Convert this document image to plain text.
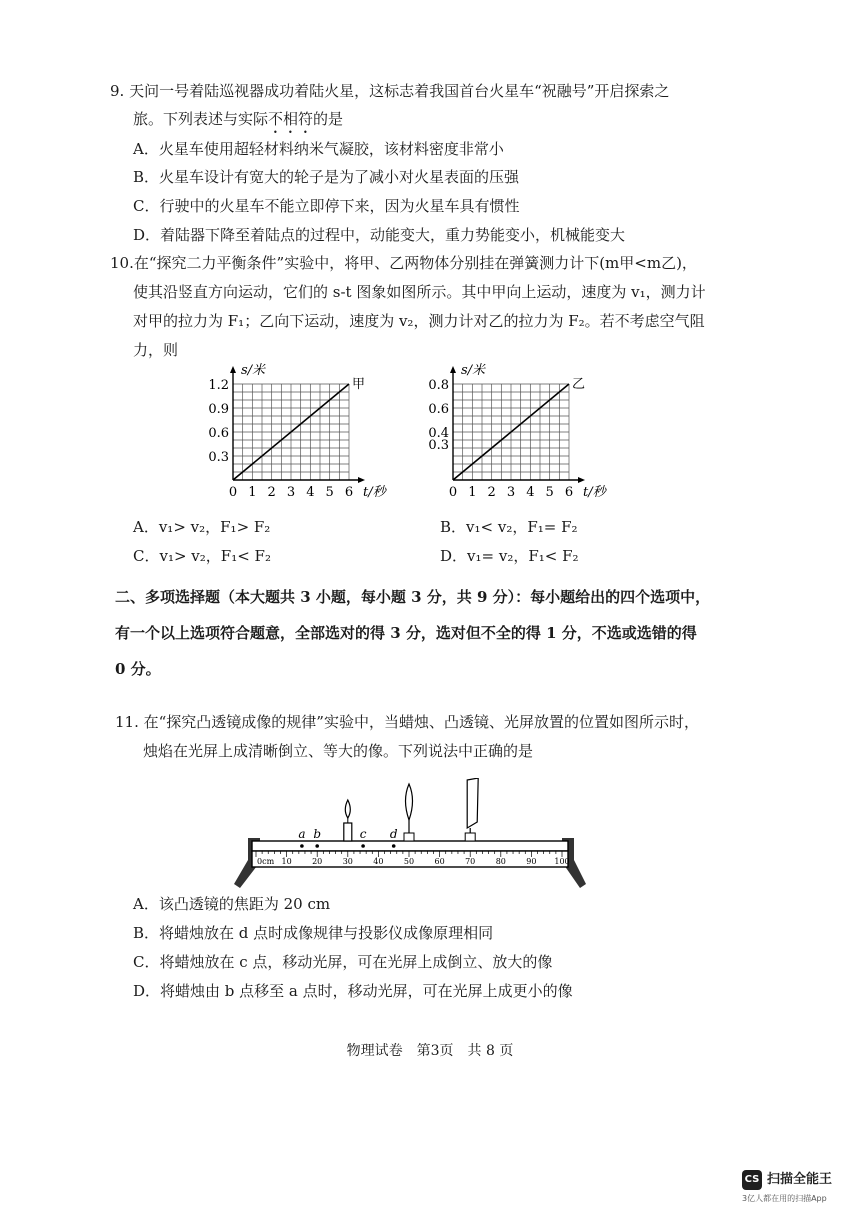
9. 天问一号着陆巡视器成功着陆火星，这标志着我国首台火星车“祝融号”开启探索之
旅。下列表述与实际不相符的是
A．火星车使用超轻材料纳米气凝胶，该材料密度非常小
B．火星车设计有宽大的轮子是为了减小对火星表面的压强
C．行驶中的火星车不能立即停下来，因为火星车具有惯性
D．着陆器下降至着陆点的过程中，动能变大，重力势能变小，机械能变大
10.在“探究二力平衡条件”实验中，将甲、乙两物体分别挂在弹簧测力计下(m甲<m乙)，
使其沿竖直方向运动，它们的 s-t 图象如图所示。其中甲向上运动，速度为 v₁，测力计
对甲的拉力为 F₁；乙向下运动，速度为 v₂，测力计对乙的拉力为 F₂。若不考虑空气阻
力，则
0 1 2 3 4 5 6
0.3
0.6
0.9
1.2
s/米
t/秒
甲
0 1 2 3 4 5 6
0.3
0.4
0.6
0.8
s/米
t/秒
乙
A．v₁> v₂，F₁> F₂	B．v₁< v₂，F₁= F₂
C．v₁> v₂，F₁< F₂	D．v₁= v₂，F₁< F₂
二、多项选择题（本大题共 3 小题，每小题 3 分，共 9 分）：每小题给出的四个选项中，
有一个以上选项符合题意，全部选对的得 3 分，选对但不全的得 1 分，不选或选错的得
0 分。
11. 在“探究凸透镜成像的规律”实验中，当蜡烛、凸透镜、光屏放置的位置如图所示时，
烛焰在光屏上成清晰倒立、等大的像。下列说法中正确的是
0cm 10	20	30	40	50	60	70	80	90 100
a b	c d
A．该凸透镜的焦距为 20 cm
B．将蜡烛放在 d 点时成像规律与投影仪成像原理相同
C．将蜡烛放在 c 点，移动光屏，可在光屏上成倒立、放大的像
D．将蜡烛由 b 点移至 a 点时，移动光屏，可在光屏上成更小的像
物理试卷　第3页　共 8 页
CS 扫描全能王
3亿人都在用的扫描App
